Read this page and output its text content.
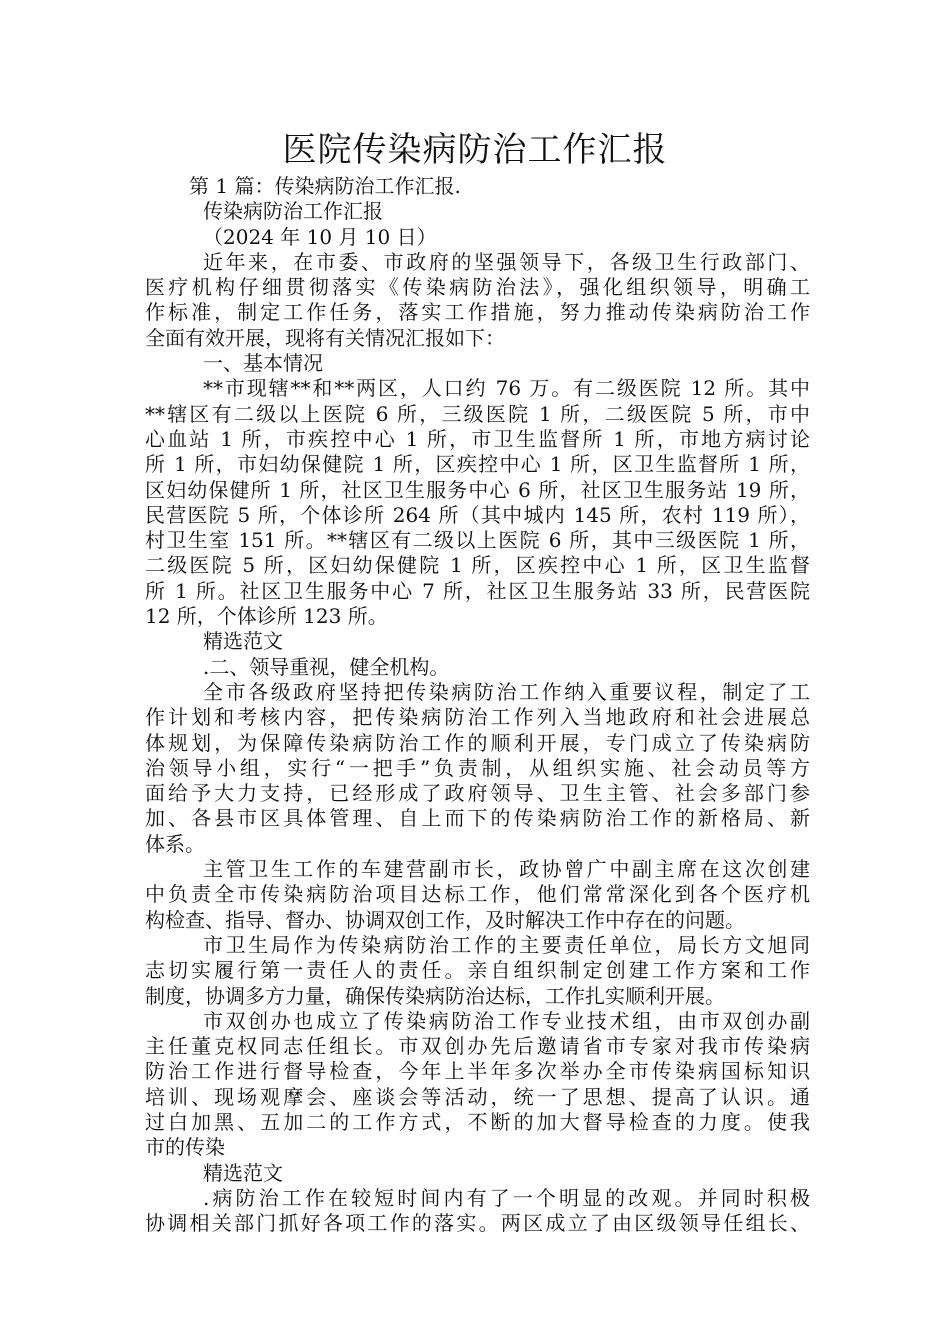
医院传染病防治工作汇报
第 1 篇：传染病防治工作汇报.
传染病防治工作汇报
（2024 年 10 月 10 日）
近年来，在市委、市政府的坚强领导下，各级卫生行政部门、
医疗机构仔细贯彻落实《传染病防治法》，强化组织领导，明确工
作标准，制定工作任务，落实工作措施，努力推动传染病防治工作
全面有效开展，现将有关情况汇报如下：
一、基本情况
**市现辖**和**两区，人口约 76 万。有二级医院 12 所。其中
**辖区有二级以上医院 6 所，三级医院 1 所，二级医院 5 所，市中
心血站 1 所，市疾控中心 1 所，市卫生监督所 1 所，市地方病讨论
所 1 所，市妇幼保健院 1 所，区疾控中心 1 所，区卫生监督所 1 所，
区妇幼保健所 1 所，社区卫生服务中心 6 所，社区卫生服务站 19 所，
民营医院 5 所，个体诊所 264 所（其中城内 145 所，农村 119 所），
村卫生室 151 所。**辖区有二级以上医院 6 所，其中三级医院 1 所，
二级医院 5 所，区妇幼保健院 1 所，区疾控中心 1 所，区卫生监督
所 1 所。社区卫生服务中心 7 所，社区卫生服务站 33 所，民营医院
12 所，个体诊所 123 所。
精选范文
.二、领导重视，健全机构。
全市各级政府坚持把传染病防治工作纳入重要议程，制定了工
作计划和考核内容，把传染病防治工作列入当地政府和社会进展总
体规划，为保障传染病防治工作的顺利开展，专门成立了传染病防
治领导小组，实行“一把手”负责制，从组织实施、社会动员等方
面给予大力支持，已经形成了政府领导、卫生主管、社会多部门参
加、各县市区具体管理、自上而下的传染病防治工作的新格局、新
体系。
主管卫生工作的车建营副市长，政协曾广中副主席在这次创建
中负责全市传染病防治项目达标工作，他们常常深化到各个医疗机
构检查、指导、督办、协调双创工作，及时解决工作中存在的问题。
市卫生局作为传染病防治工作的主要责任单位，局长方文旭同
志切实履行第一责任人的责任。亲自组织制定创建工作方案和工作
制度，协调多方力量，确保传染病防治达标，工作扎实顺利开展。
市双创办也成立了传染病防治工作专业技术组，由市双创办副
主任董克权同志任组长。市双创办先后邀请省市专家对我市传染病
防治工作进行督导检查，今年上半年多次举办全市传染病国标知识
培训、现场观摩会、座谈会等活动，统一了思想、提高了认识。通
过白加黑、五加二的工作方式，不断的加大督导检查的力度。使我
市的传染
精选范文
.病防治工作在较短时间内有了一个明显的改观。并同时积极
协调相关部门抓好各项工作的落实。两区成立了由区级领导任组长、
